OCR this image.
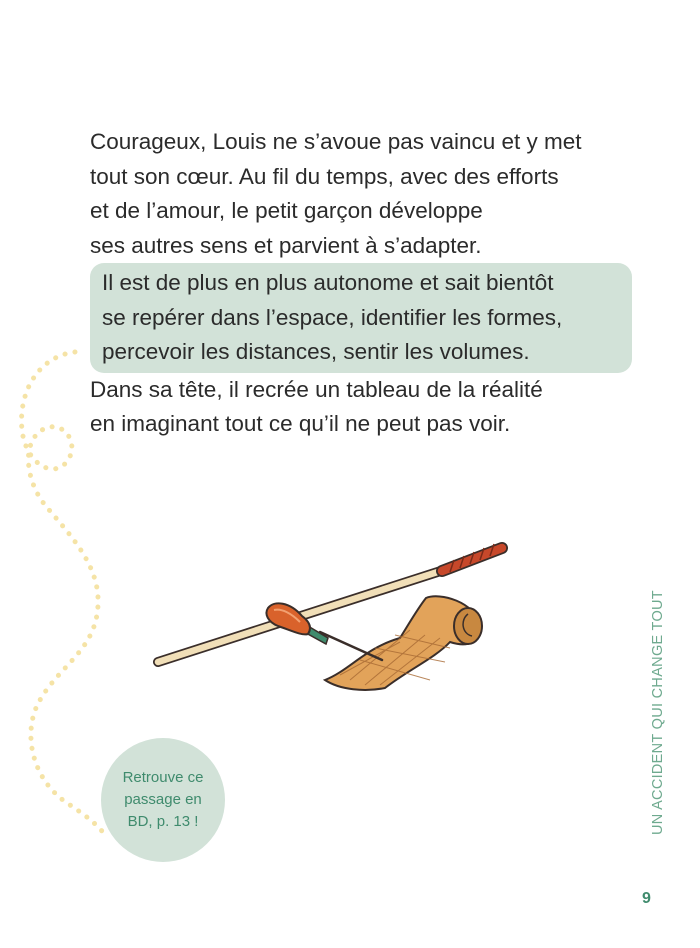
Courageux, Louis ne s’avoue pas vaincu et y met
tout son cœur. Au fil du temps, avec des efforts
et de l’amour, le petit garçon développe
ses autres sens et parvient à s’adapter.

Il est de plus en plus autonome et sait bientôt
se repérer dans l’espace, identifier les formes,
percevoir les distances, sentir les volumes.

Dans sa tête, il recrée un tableau de la réalité
en imaginant tout ce qu’il ne peut pas voir.

Retrouve ce
passage en
BD, p. 13 !	UN ACCIDENT QUI CHANGE TOUT
9
